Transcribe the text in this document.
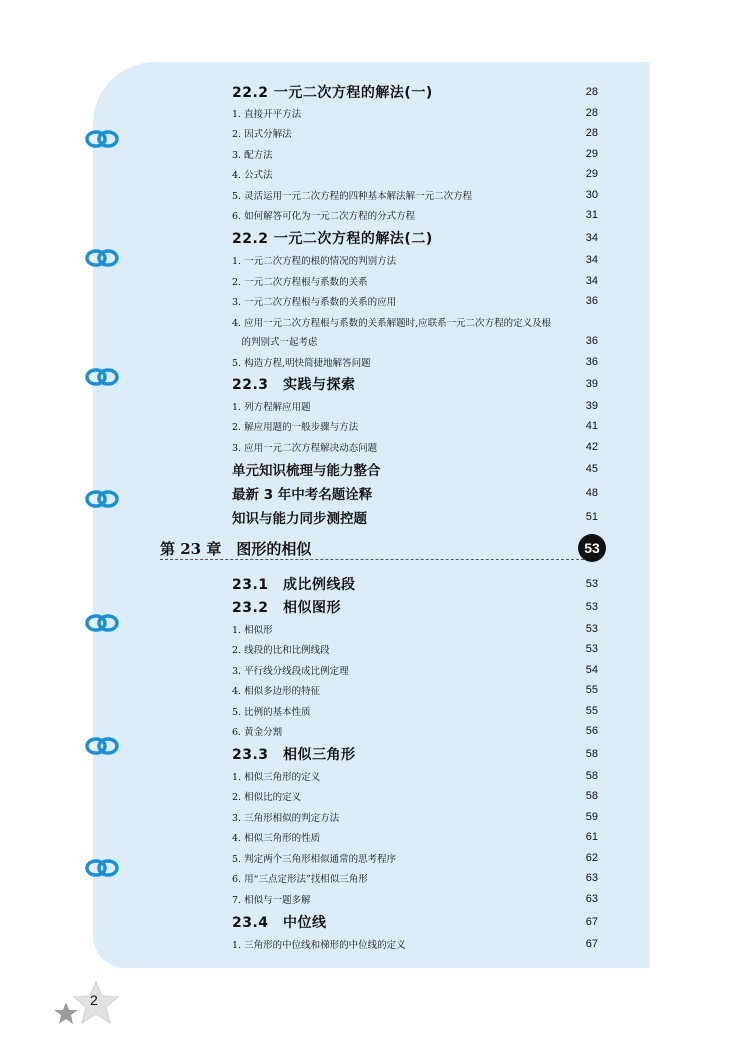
22.2 一元二次方程的解法(一)	28
1. 直接开平方法	28
2. 因式分解法	28
3. 配方法	29
4. 公式法	29
5. 灵活运用一元二次方程的四种基本解法解一元二次方程	30
6. 如何解答可化为一元二次方程的分式方程	31
22.2 一元二次方程的解法(二)	34
1. 一元二次方程的根的情况的判别方法	34
2. 一元二次方程根与系数的关系	34
3. 一元二次方程根与系数的关系的应用	36
4. 应用一元二次方程根与系数的关系解题时,应联系一元二次方程的定义及根
　的判别式一起考虑	36
5. 构造方程,明快简捷地解答问题	36
22.3　实践与探索	39
1. 列方程解应用题	39
2. 解应用题的一般步骤与方法	41
3. 应用一元二次方程解决动态问题	42
单元知识梳理与能力整合	45
最新 3 年中考名题诠释	48
知识与能力同步测控题	51
第 23 章　图形的相似	53
23.1　成比例线段	53
23.2　相似图形	53
1. 相似形	53
2. 线段的比和比例线段	53
3. 平行线分线段成比例定理	54
4. 相似多边形的特征	55
5. 比例的基本性质	55
6. 黄金分割	56
23.3　相似三角形	58
1. 相似三角形的定义	58
2. 相似比的定义	58
3. 三角形相似的判定方法	59
4. 相似三角形的性质	61
5. 判定两个三角形相似通常的思考程序	62
6. 用“三点定形法”找相似三角形	63
7. 相似与一题多解	63
23.4　中位线	67
1. 三角形的中位线和梯形的中位线的定义	67
2
